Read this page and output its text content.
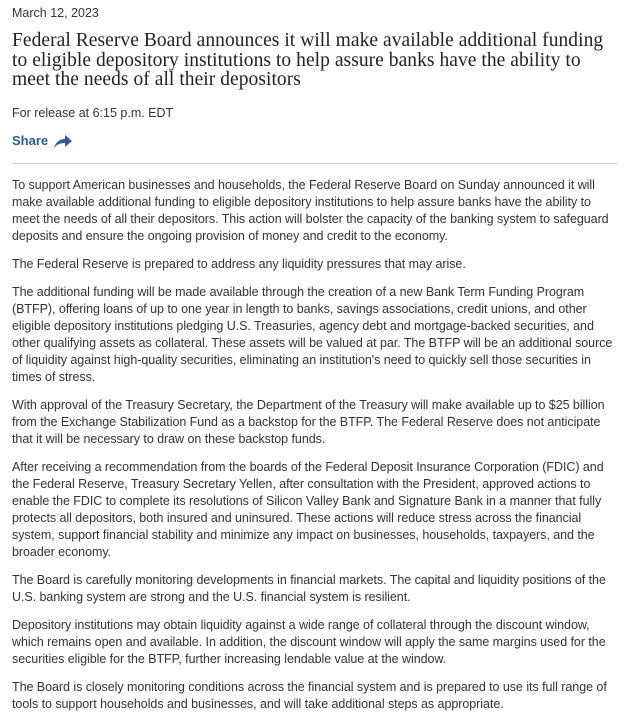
March 12, 2023
Federal Reserve Board announces it will make available additional funding to eligible depository institutions to help assure banks have the ability to meet the needs of all their depositors
For release at 6:15 p.m. EDT
Share

To support American businesses and households, the Federal Reserve Board on Sunday announced it will make available additional funding to eligible depository institutions to help assure banks have the ability to meet the needs of all their depositors. This action will bolster the capacity of the banking system to safeguard deposits and ensure the ongoing provision of money and credit to the economy.

The Federal Reserve is prepared to address any liquidity pressures that may arise.

The additional funding will be made available through the creation of a new Bank Term Funding Program (BTFP), offering loans of up to one year in length to banks, savings associations, credit unions, and other eligible depository institutions pledging U.S. Treasuries, agency debt and mortgage-backed securities, and other qualifying assets as collateral. These assets will be valued at par. The BTFP will be an additional source of liquidity against high-quality securities, eliminating an institution's need to quickly sell those securities in times of stress.

With approval of the Treasury Secretary, the Department of the Treasury will make available up to $25 billion from the Exchange Stabilization Fund as a backstop for the BTFP. The Federal Reserve does not anticipate that it will be necessary to draw on these backstop funds.

After receiving a recommendation from the boards of the Federal Deposit Insurance Corporation (FDIC) and the Federal Reserve, Treasury Secretary Yellen, after consultation with the President, approved actions to enable the FDIC to complete its resolutions of Silicon Valley Bank and Signature Bank in a manner that fully protects all depositors, both insured and uninsured. These actions will reduce stress across the financial system, support financial stability and minimize any impact on businesses, households, taxpayers, and the broader economy.

The Board is carefully monitoring developments in financial markets. The capital and liquidity positions of the U.S. banking system are strong and the U.S. financial system is resilient.

Depository institutions may obtain liquidity against a wide range of collateral through the discount window, which remains open and available. In addition, the discount window will apply the same margins used for the securities eligible for the BTFP, further increasing lendable value at the window.

The Board is closely monitoring conditions across the financial system and is prepared to use its full range of tools to support households and businesses, and will take additional steps as appropriate.
